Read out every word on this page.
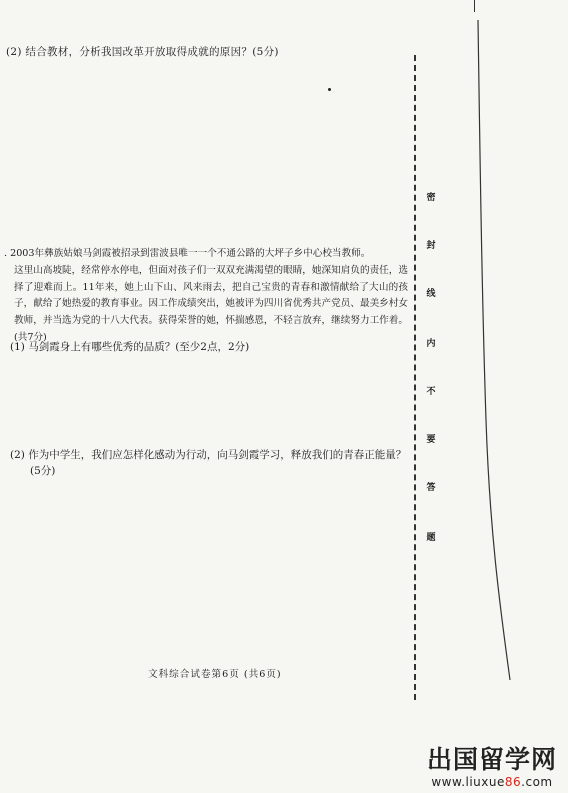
(2) 结合教材，分析我国改革开放取得成就的原因？(5分)
. 2003年彝族姑娘马剑霞被招录到雷波县唯一一个不通公路的大坪子乡中心校当教师。
这里山高坡陡，经常停水停电，但面对孩子们一双双充满渴望的眼睛，她深知肩负的责任，选择了迎难而上。11年来，她上山下山、风来雨去，把自己宝贵的青春和激情献给了大山的孩子，献给了她热爱的教育事业。因工作成绩突出，她被评为四川省优秀共产党员、最美乡村女教师，并当选为党的十八大代表。获得荣誉的她，怀揣感恩，不轻言放弃，继续努力工作着。(共7分)
(1) 马剑霞身上有哪些优秀的品质？(至少2点，2分)
(2) 作为中学生，我们应怎样化感动为行动，向马剑霞学习，释放我们的青春正能量？
(5分)
文科综合试卷第6页 (共6页)
密
封
线
内
不
要
答
题
出国留学网
www.liuxue86.com
